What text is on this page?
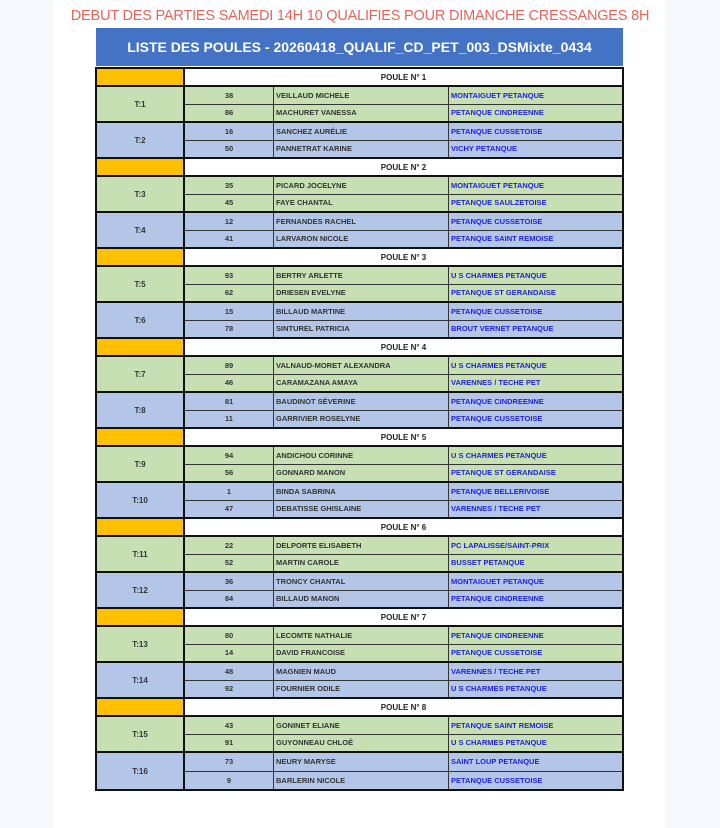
DEBUT DES PARTIES SAMEDI 14H 10 QUALIFIES POUR DIMANCHE CRESSANGES 8H
LISTE DES POULES - 20260418_QUALIF_CD_PET_003_DSMixte_0434
POULE N° 1
T:1
38	VEILLAUD MICHELE	MONTAIGUET PETANQUE
86	MACHURET VANESSA	PETANQUE CINDREENNE
T:2
16	SANCHEZ AURÉLIE	PETANQUE CUSSETOISE
50	PANNETRAT KARINE	VICHY PETANQUE
POULE N° 2
T:3
35	PICARD JOCELYNE	MONTAIGUET PETANQUE
45	FAYE CHANTAL	PETANQUE SAULZETOISE
T:4
12	FERNANDES RACHEL	PETANQUE CUSSETOISE
41	LARVARON NICOLE	PETANQUE SAINT REMOISE
POULE N° 3
T:5
93	BERTRY ARLETTE	U S CHARMES PETANQUE
62	DRIESEN EVELYNE	PETANQUE ST GERANDAISE
T:6
15	BILLAUD MARTINE	PETANQUE CUSSETOISE
78	SINTUREL PATRICIA	BROUT VERNET PETANQUE
POULE N° 4
T:7
89	VALNAUD-MORET ALEXANDRA	U S CHARMES PETANQUE
46	CARAMAZANA AMAYA	VARENNES / TECHE PET
T:8
81	BAUDINOT SÉVERINE	PETANQUE CINDREENNE
11	GARRIVIER ROSELYNE	PETANQUE CUSSETOISE
POULE N° 5
T:9
94	ANDICHOU CORINNE	U S CHARMES PETANQUE
56	GONNARD MANON	PETANQUE ST GERANDAISE
T:10
1	BINDA SABRINA	PETANQUE BELLERIVOISE
47	DEBATISSE GHISLAINE	VARENNES / TECHE PET
POULE N° 6
T:11
22	DELPORTE ELISABETH	PC LAPALISSE/SAINT-PRIX
52	MARTIN CAROLE	BUSSET PETANQUE
T:12
36	TRONCY CHANTAL	MONTAIGUET PETANQUE
84	BILLAUD MANON	PETANQUE CINDREENNE
POULE N° 7
T:13
80	LECOMTE NATHALIE	PETANQUE CINDREENNE
14	DAVID FRANCOISE	PETANQUE CUSSETOISE
T:14
48	MAGNIEN MAUD	VARENNES / TECHE PET
92	FOURNIER ODILE	U S CHARMES PETANQUE
POULE N° 8
T:15
43	GONINET ELIANE	PETANQUE SAINT REMOISE
91	GUYONNEAU CHLOÉ	U S CHARMES PETANQUE
T:16
73	NEURY MARYSE	SAINT LOUP PETANQUE
9	BARLERIN NICOLE	PETANQUE CUSSETOISE
